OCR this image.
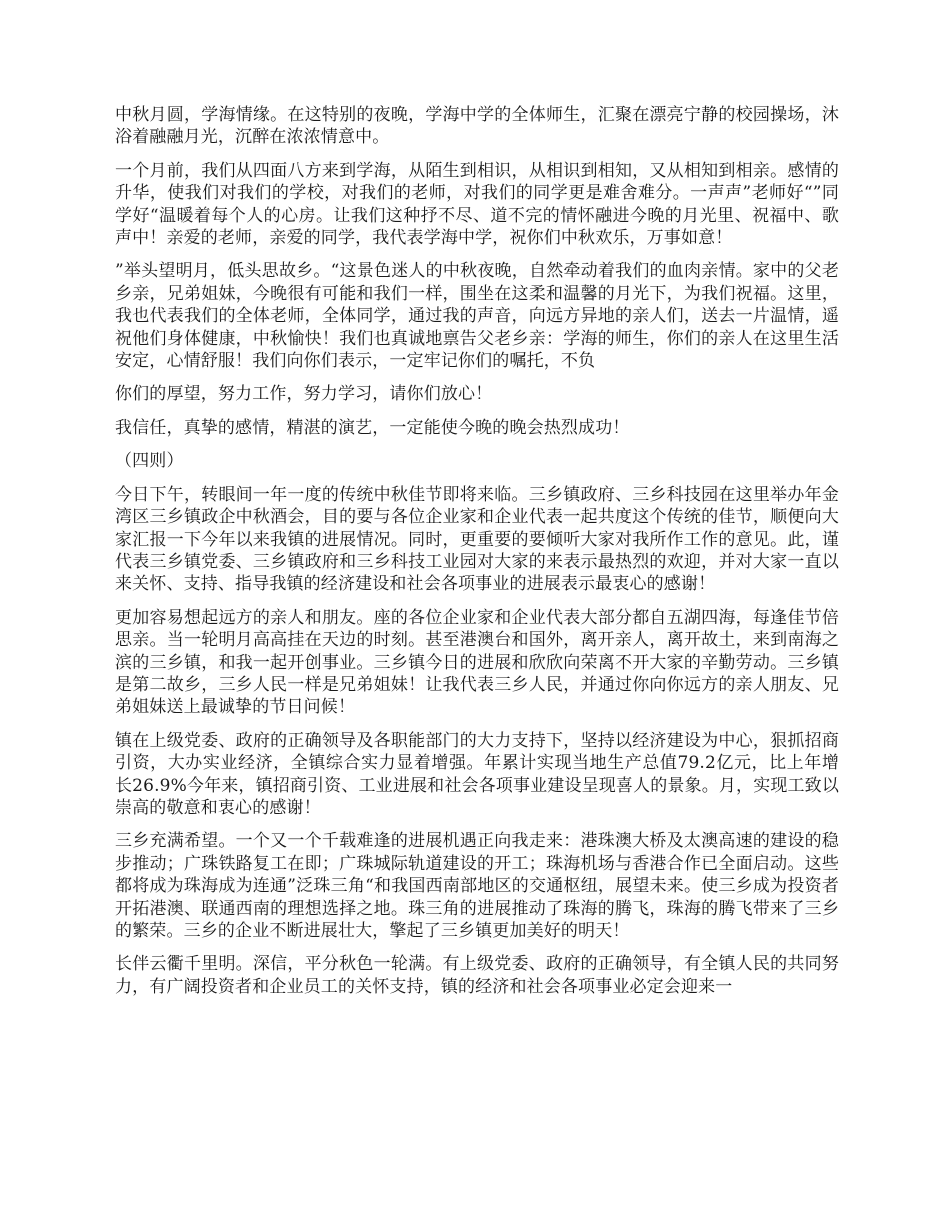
中秋月圆，学海情缘。在这特别的夜晚，学海中学的全体师生，汇聚在漂亮宁静的校园操场，沐浴着融融月光，沉醉在浓浓情意中。

一个月前，我们从四面八方来到学海，从陌生到相识，从相识到相知，又从相知到相亲。感情的升华，使我们对我们的学校，对我们的老师，对我们的同学更是难舍难分。一声声”老师好“”同学好“温暖着每个人的心房。让我们这种抒不尽、道不完的情怀融进今晚的月光里、祝福中、歌声中！亲爱的老师，亲爱的同学，我代表学海中学，祝你们中秋欢乐，万事如意！

”举头望明月，低头思故乡。“这景色迷人的中秋夜晚，自然牵动着我们的血肉亲情。家中的父老乡亲，兄弟姐妹，今晚很有可能和我们一样，围坐在这柔和温馨的月光下，为我们祝福。这里，我也代表我们的全体老师，全体同学，通过我的声音，向远方异地的亲人们，送去一片温情，遥祝他们身体健康，中秋愉快！我们也真诚地禀告父老乡亲：学海的师生，你们的亲人在这里生活安定，心情舒服！我们向你们表示，一定牢记你们的嘱托，不负

你们的厚望，努力工作，努力学习，请你们放心！

我信任，真挚的感情，精湛的演艺，一定能使今晚的晚会热烈成功！

（四则）

今日下午，转眼间一年一度的传统中秋佳节即将来临。三乡镇政府、三乡科技园在这里举办年金湾区三乡镇政企中秋酒会，目的要与各位企业家和企业代表一起共度这个传统的佳节，顺便向大家汇报一下今年以来我镇的进展情况。同时，更重要的要倾听大家对我所作工作的意见。此，谨代表三乡镇党委、三乡镇政府和三乡科技工业园对大家的来表示最热烈的欢迎，并对大家一直以来关怀、支持、指导我镇的经济建设和社会各项事业的进展表示最衷心的感谢！

更加容易想起远方的亲人和朋友。座的各位企业家和企业代表大部分都自五湖四海，每逢佳节倍思亲。当一轮明月高高挂在天边的时刻。甚至港澳台和国外，离开亲人，离开故土，来到南海之滨的三乡镇，和我一起开创事业。三乡镇今日的进展和欣欣向荣离不开大家的辛勤劳动。三乡镇是第二故乡，三乡人民一样是兄弟姐妹！让我代表三乡人民，并通过你向你远方的亲人朋友、兄弟姐妹送上最诚挚的节日问候！

镇在上级党委、政府的正确领导及各职能部门的大力支持下，坚持以经济建设为中心，狠抓招商引资，大办实业经济，全镇综合实力显着增强。年累计实现当地生产总值79.2亿元，比上年增长26.9%今年来，镇招商引资、工业进展和社会各项事业建设呈现喜人的景象。月，实现工致以崇高的敬意和衷心的感谢！

三乡充满希望。一个又一个千载难逢的进展机遇正向我走来：港珠澳大桥及太澳高速的建设的稳步推动；广珠铁路复工在即；广珠城际轨道建设的开工；珠海机场与香港合作已全面启动。这些都将成为珠海成为连通”泛珠三角“和我国西南部地区的交通枢纽，展望未来。使三乡成为投资者开拓港澳、联通西南的理想选择之地。珠三角的进展推动了珠海的腾飞，珠海的腾飞带来了三乡的繁荣。三乡的企业不断进展壮大，擎起了三乡镇更加美好的明天！

长伴云衢千里明。深信，平分秋色一轮满。有上级党委、政府的正确领导，有全镇人民的共同努力，有广阔投资者和企业员工的关怀支持，镇的经济和社会各项事业必定会迎来一
